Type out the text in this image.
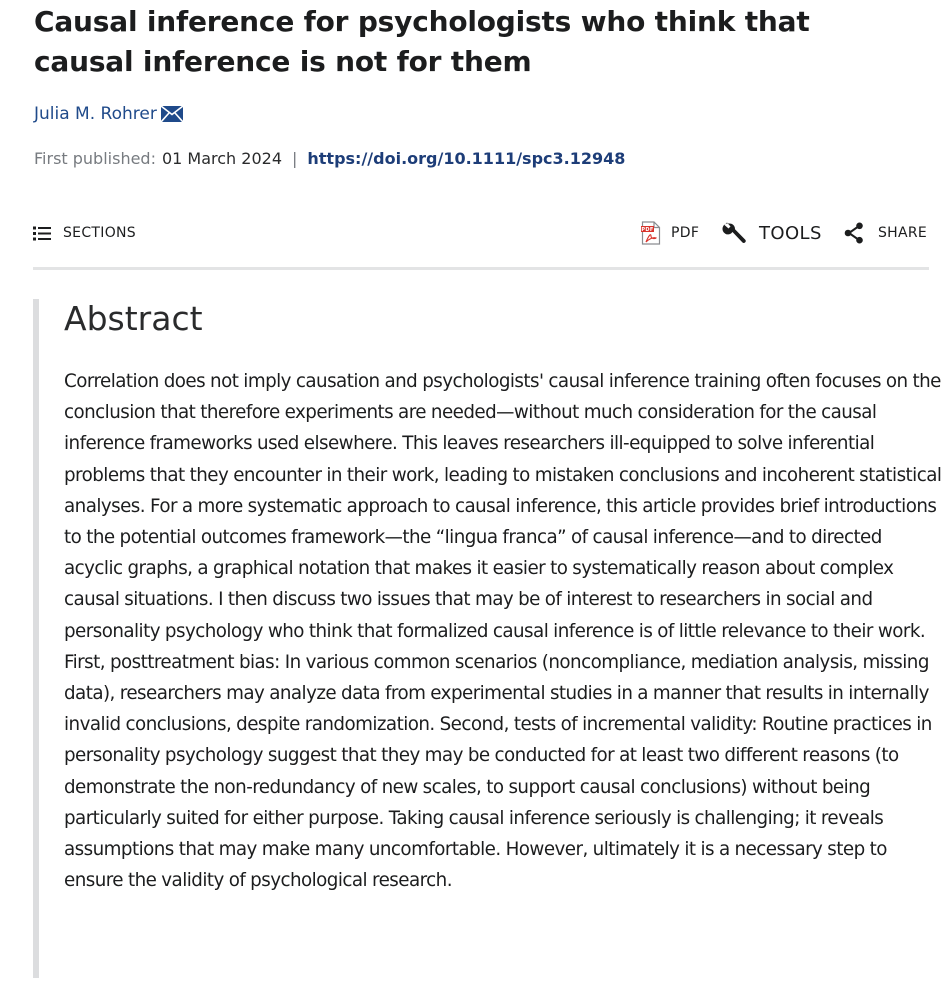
Causal inference for psychologists who think that causal inference is not for them
Julia M. Rohrer
First published: 01 March 2024 | https://doi.org/10.1111/spc3.12948
SECTIONS	PDF PDF	TOOLS	SHARE
Abstract

Correlation does not imply causation and psychologists' causal inference training often focuses on the conclusion that therefore experiments are needed—without much consideration for the causal inference frameworks used elsewhere. This leaves researchers ill-equipped to solve inferential problems that they encounter in their work, leading to mistaken conclusions and incoherent statistical analyses. For a more systematic approach to causal inference, this article provides brief introductions to the potential outcomes framework—the “lingua franca” of causal inference—and to directed acyclic graphs, a graphical notation that makes it easier to systematically reason about complex causal situations. I then discuss two issues that may be of interest to researchers in social and personality psychology who think that formalized causal inference is of little relevance to their work. First, posttreatment bias: In various common scenarios (noncompliance, mediation analysis, missing data), researchers may analyze data from experimental studies in a manner that results in internally invalid conclusions, despite randomization. Second, tests of incremental validity: Routine practices in personality psychology suggest that they may be conducted for at least two different reasons (to demonstrate the non-redundancy of new scales, to support causal conclusions) without being particularly suited for either purpose. Taking causal inference seriously is challenging; it reveals assumptions that may make many uncomfortable. However, ultimately it is a necessary step to ensure the validity of psychological research.
